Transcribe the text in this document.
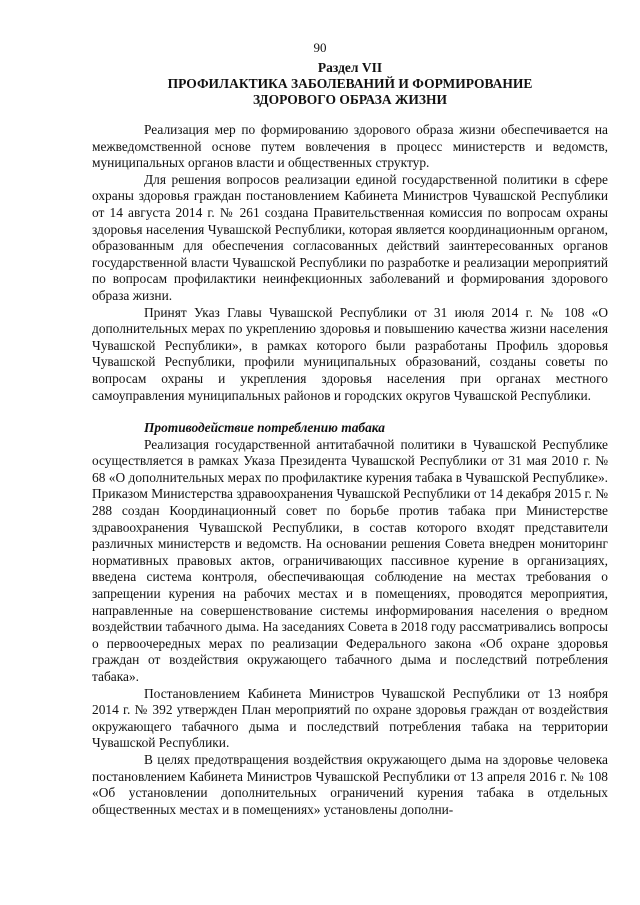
90
Раздел VII
ПРОФИЛАКТИКА ЗАБОЛЕВАНИЙ И ФОРМИРОВАНИЕ
ЗДОРОВОГО ОБРАЗА ЖИЗНИ

Реализация мер по формированию здорового образа жизни обеспечивается на межведомственной основе путем вовлечения в процесс министерств и ведомств, муниципальных органов власти и общественных структур.

Для решения вопросов реализации единой государственной политики в сфере охраны здоровья граждан постановлением Кабинета Министров Чувашской Республики от 14 августа 2014 г. № 261 создана Правительственная комиссия по вопросам охраны здоровья населения Чувашской Республики, которая является координационным органом, образованным для обеспечения согласованных действий заинтересованных органов государственной власти Чувашской Республики по разработке и реализации мероприятий по вопросам профилактики неинфекционных заболеваний и формирования здорового образа жизни.

Принят Указ Главы Чувашской Республики от 31 июля 2014 г. № 108 «О дополнительных мерах по укреплению здоровья и повышению качества жизни населения Чувашской Республики», в рамках которого были разработаны Профиль здоровья Чувашской Республики, профили муниципальных образований, созданы советы по вопросам охраны и укрепления здоровья населения при органах местного самоуправления муниципальных районов и городских округов Чувашской Республики.

Противодействие потреблению табака

Реализация государственной антитабачной политики в Чувашской Республике осуществляется в рамках Указа Президента Чувашской Республики от 31 мая 2010 г. № 68 «О дополнительных мерах по профилактике курения табака в Чувашской Республике». Приказом Министерства здравоохранения Чувашской Республики от 14 декабря 2015 г. № 288 создан Координационный совет по борьбе против табака при Министерстве здравоохранения Чувашской Республики, в состав которого входят представители различных министерств и ведомств. На основании решения Совета внедрен мониторинг нормативных правовых актов, ограничивающих пассивное курение в организациях, введена система контроля, обеспечивающая соблюдение на местах требования о запрещении курения на рабочих местах и в помещениях, проводятся мероприятия, направленные на совершенствование системы информирования населения о вредном воздействии табачного дыма. На заседаниях Совета в 2018 году рассматривались вопросы о первоочередных мерах по реализации Федерального закона «Об охране здоровья граждан от воздействия окружающего табачного дыма и последствий потребления табака».

Постановлением Кабинета Министров Чувашской Республики от 13 ноября 2014 г. № 392 утвержден План мероприятий по охране здоровья граждан от воздействия окружающего табачного дыма и последствий потребления табака на территории Чувашской Республики.

В целях предотвращения воздействия окружающего дыма на здоровье человека постановлением Кабинета Министров Чувашской Республики от 13 апреля 2016 г. № 108 «Об установлении дополнительных ограничений курения табака в отдельных общественных местах и в помещениях» установлены дополни-
